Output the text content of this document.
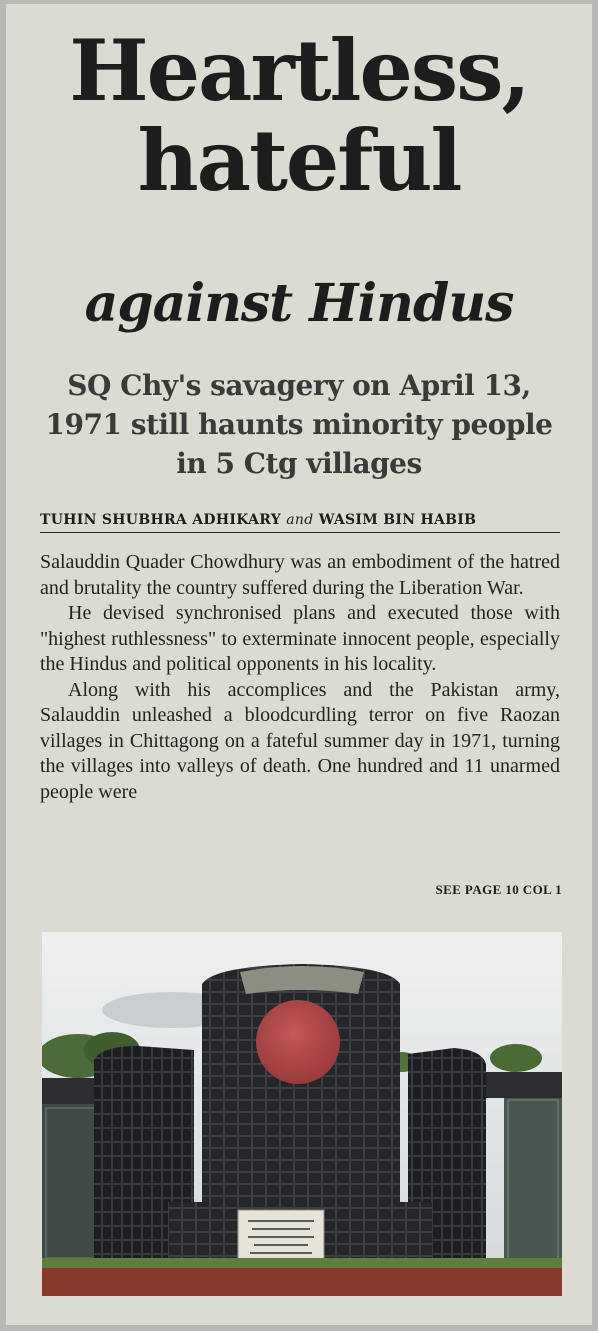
Heartless,
hateful
against Hindus
SQ Chy's savagery on April 13, 1971 still haunts minority people in 5 Ctg villages
TUHIN SHUBHRA ADHIKARY and WASIM BIN HABIB

Salauddin Quader Chowdhury was an embodiment of the hatred and brutality the country suffered during the Liberation War.

He devised synchronised plans and executed those with "highest ruthlessness" to exterminate innocent people, especially the Hindus and political opponents in his locality.

Along with his accomplices and the Pakistan army, Salauddin unleashed a bloodcurdling terror on five Raozan villages in Chittagong on a fateful summer day in 1971, turning the villages into valleys of death. One hundred and 11 unarmed people were

SEE PAGE 10 COL 1
